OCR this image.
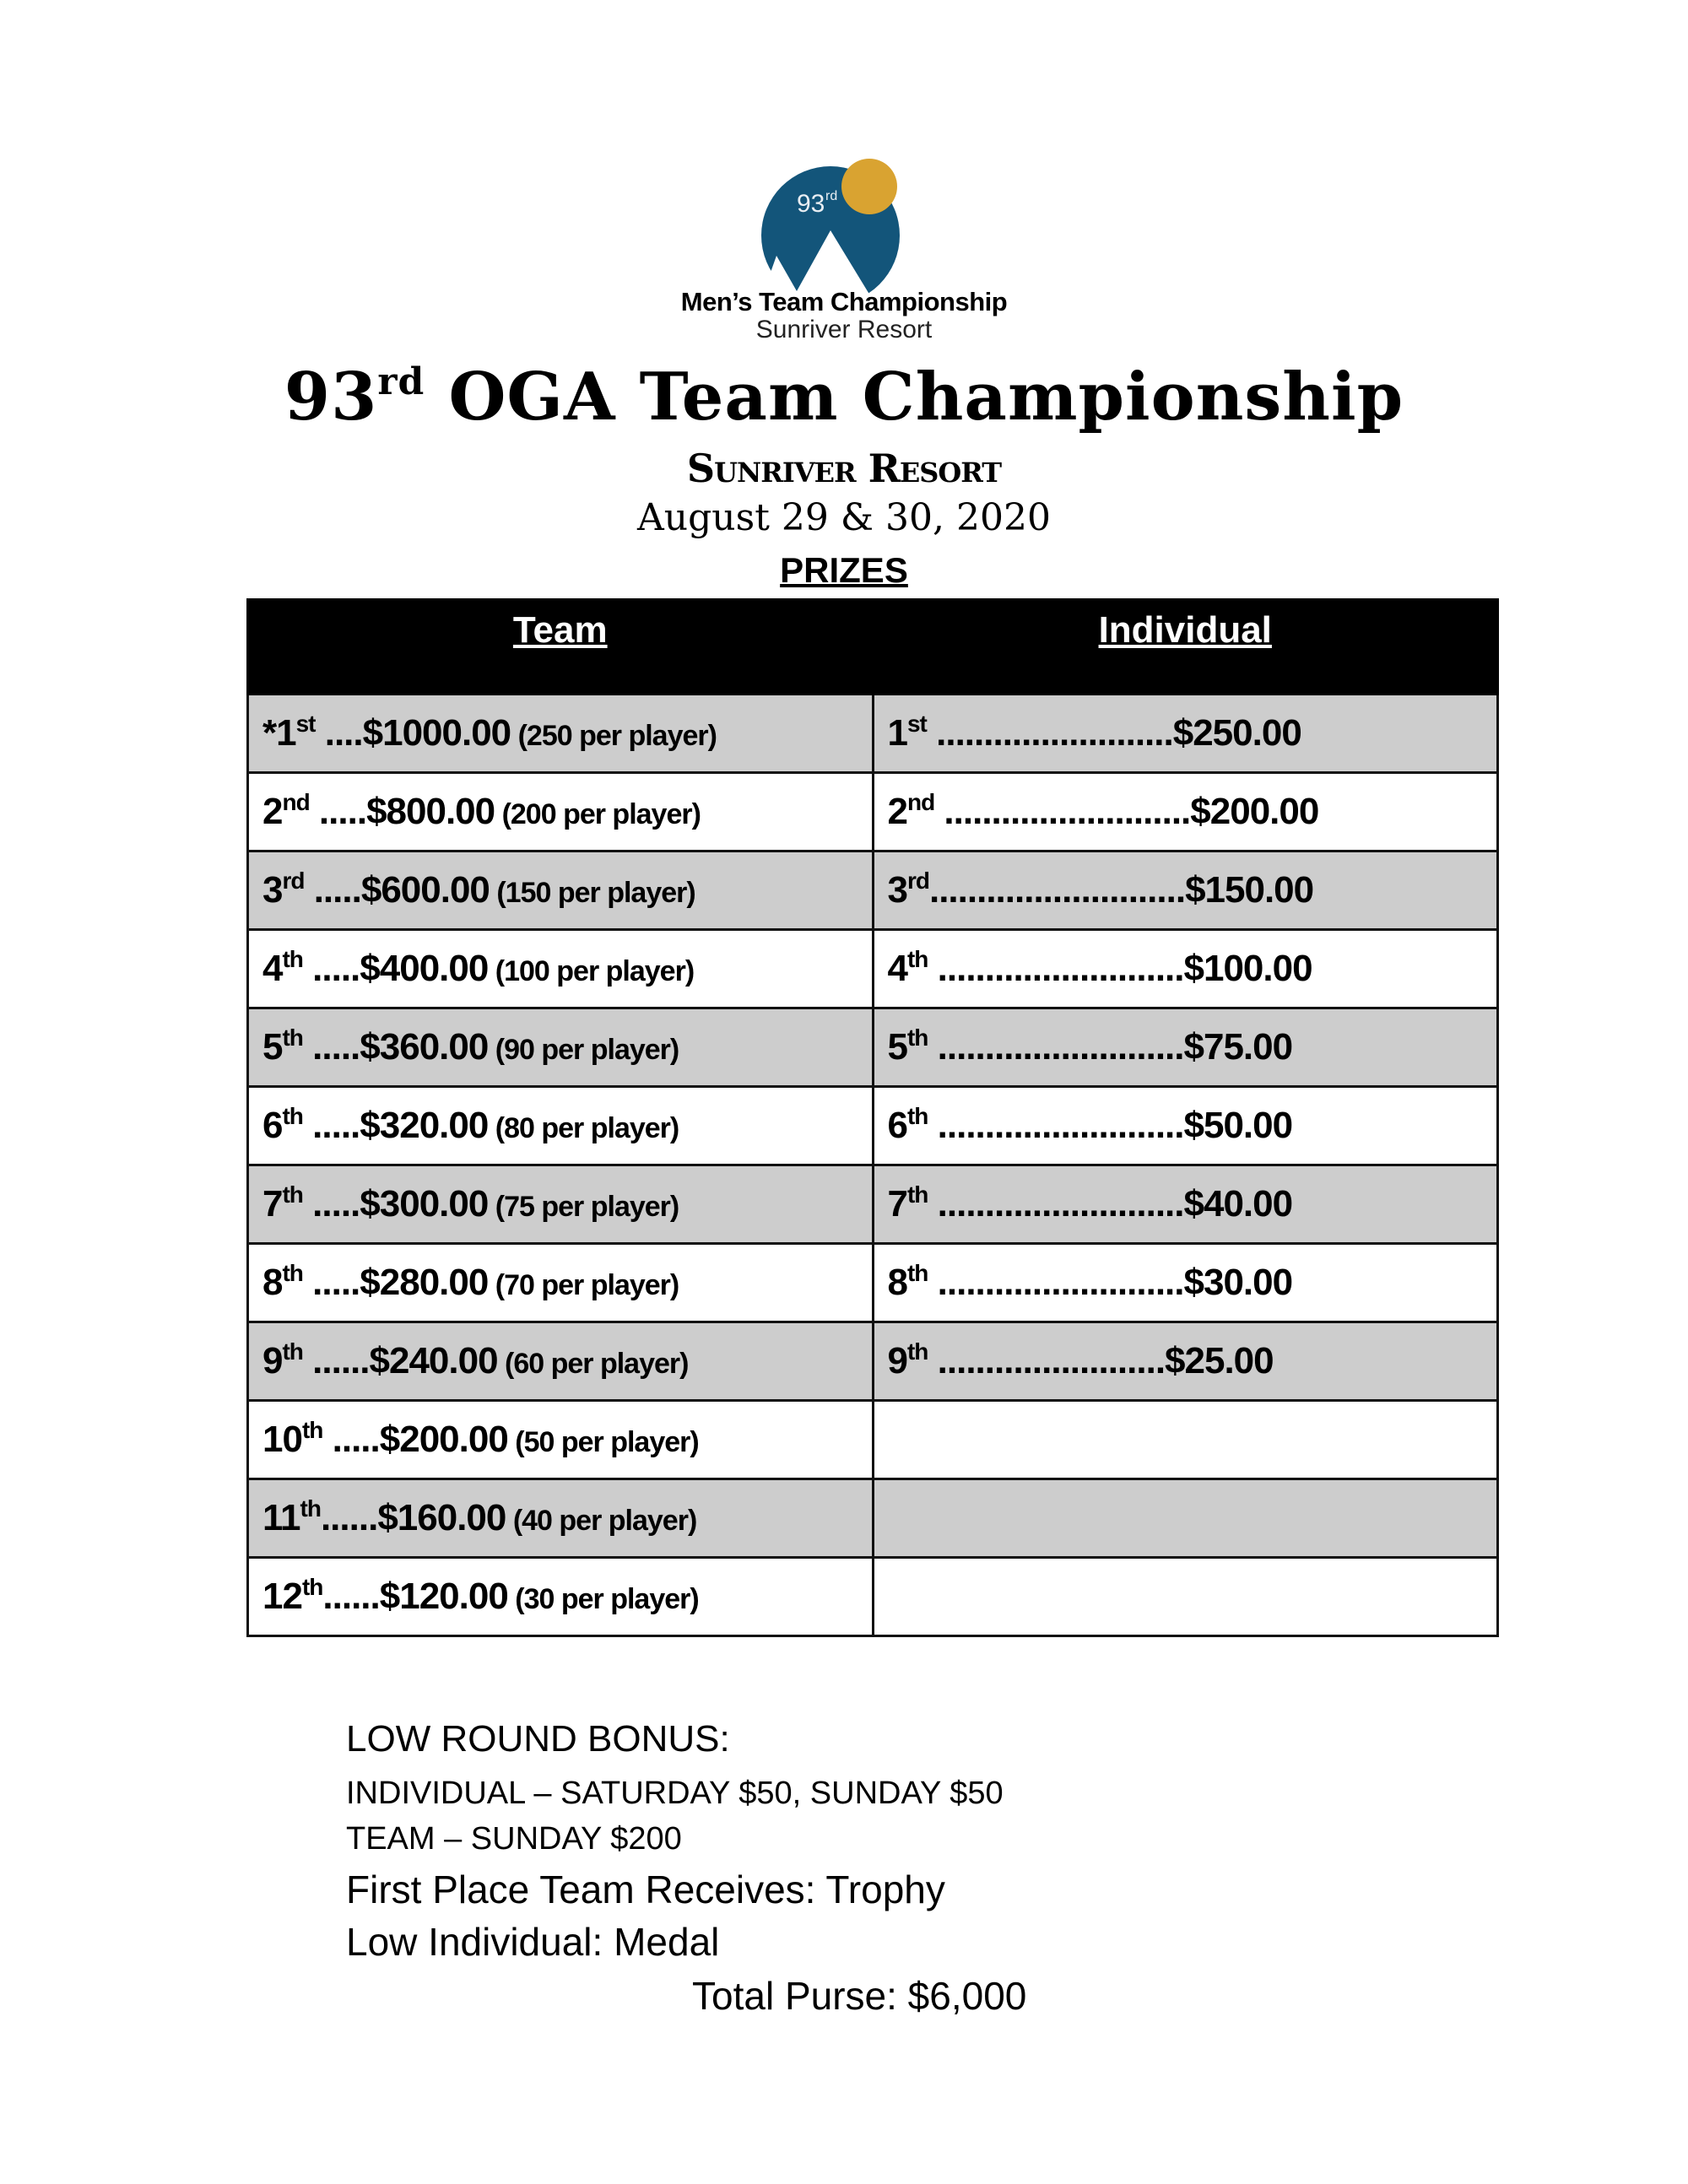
93 rd
Men’s Team Championship
Sunriver Resort
93rd OGA Team Championship
Sunriver Resort
August 29 & 30, 2020
PRIZES
Team	Individual
*1st ....$1000.00 (250 per player)	1st .........................$250.00
2nd .....$800.00 (200 per player)	2nd ..........................$200.00
3rd .....$600.00 (150 per player)	3rd...........................$150.00
4th .....$400.00 (100 per player)	4th ..........................$100.00
5th .....$360.00 (90 per player)	5th ..........................$75.00
6th .....$320.00 (80 per player)	6th ..........................$50.00
7th .....$300.00 (75 per player)	7th ..........................$40.00
8th .....$280.00 (70 per player)	8th ..........................$30.00
9th ......$240.00 (60 per player)	9th ........................$25.00
10th .....$200.00 (50 per player)	
11th......$160.00 (40 per player)	
12th......$120.00 (30 per player)	
LOW ROUND BONUS:
INDIVIDUAL – SATURDAY $50, SUNDAY $50
TEAM – SUNDAY $200
First Place Team Receives: Trophy
Low Individual: Medal
Total Purse: $6,000
